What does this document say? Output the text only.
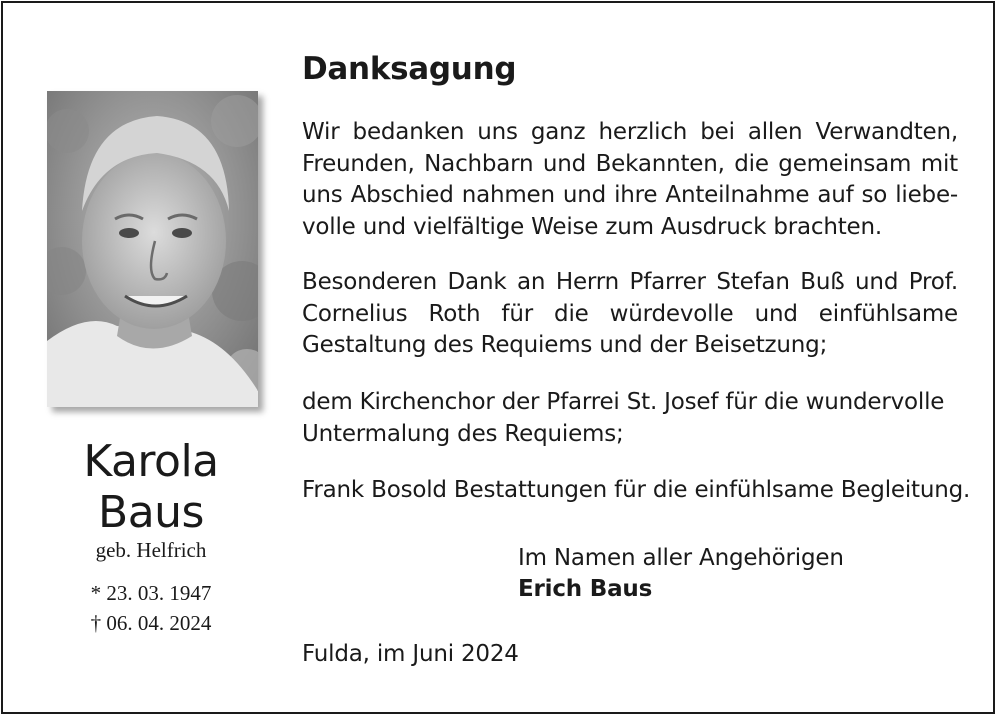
Karola
Baus
geb. Helfrich
* 23. 03. 1947
† 06. 04. 2024
Danksagung
Wir bedanken uns ganz herzlich bei allen Verwandten,
Freunden, Nachbarn und Bekannten, die gemeinsam mit
uns Abschied nahmen und ihre Anteilnahme auf so liebe-
volle und vielfältige Weise zum Ausdruck brachten.
Besonderen Dank an Herrn Pfarrer Stefan Buß und Prof.
Cornelius Roth für die würdevolle und einfühlsame
Gestaltung des Requiems und der Beisetzung;
dem Kirchenchor der Pfarrei St. Josef für die wundervolle
Untermalung des Requiems;
Frank Bosold Bestattungen für die einfühlsame Begleitung.
Im Namen aller Angehörigen
Erich Baus
Fulda, im Juni 2024
